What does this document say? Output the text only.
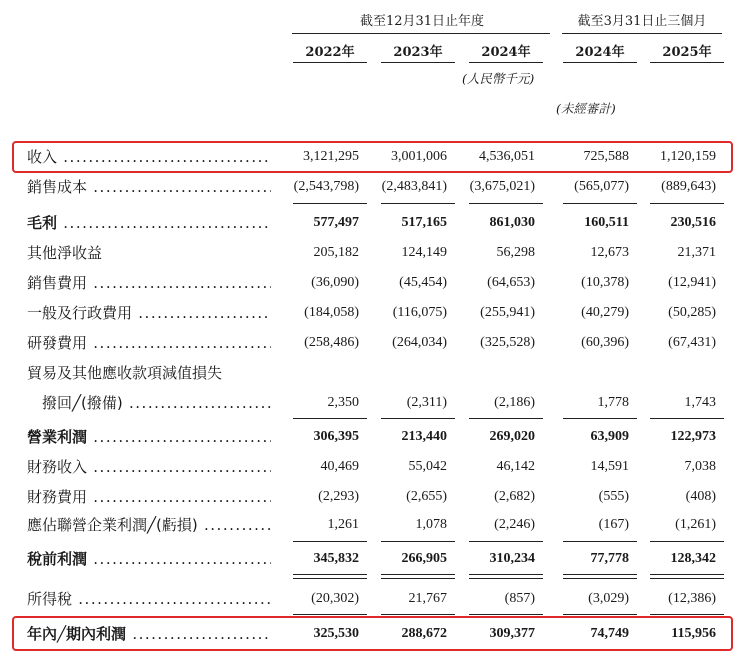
截至12月31日止年度	截至3月31日止三個月
2022年	2023年	2024年	2024年	2025年
(人民幣千元)
(未經審計)
收入 .....	3,121,295 3,001,006 4,536,051	725,588 1,120,159
銷售成本 .....	(2,543,798) (2,483,841) (3,675,021)	(565,077) (889,643)
毛利 .....	577,497	517,165	861,030	160,511	230,516
其他淨收益	205,182	124,149	56,298	12,673	21,371
銷售費用 .....	(36,090)	(45,454)	(64,653)	(10,378)	(12,941)
一般及行政費用 .....	(184,058) (116,075) (255,941)	(40,279)	(50,285)
研發費用 .....	(258,486) (264,034) (325,528)	(60,396)	(67,431)
貿易及其他應收款項減值損失
撥回╱(撥備) .....	2,350	(2,311)	(2,186)	1,778	1,743
營業利潤 .....	306,395	213,440	269,020	63,909	122,973
財務收入 .....	40,469	55,042	46,142	14,591	7,038
財務費用 .....	(2,293)	(2,655)	(2,682)	(555)	(408)
應佔聯營企業利潤╱(虧損) .....	1,261	1,078	(2,246)	(167)	(1,261)
稅前利潤 .....	345,832	266,905	310,234	77,778	128,342
所得稅 .....	(20,302)	21,767	(857)	(3,029)	(12,386)
年內╱期內利潤 .....	325,530	288,672	309,377	74,749	115,956
